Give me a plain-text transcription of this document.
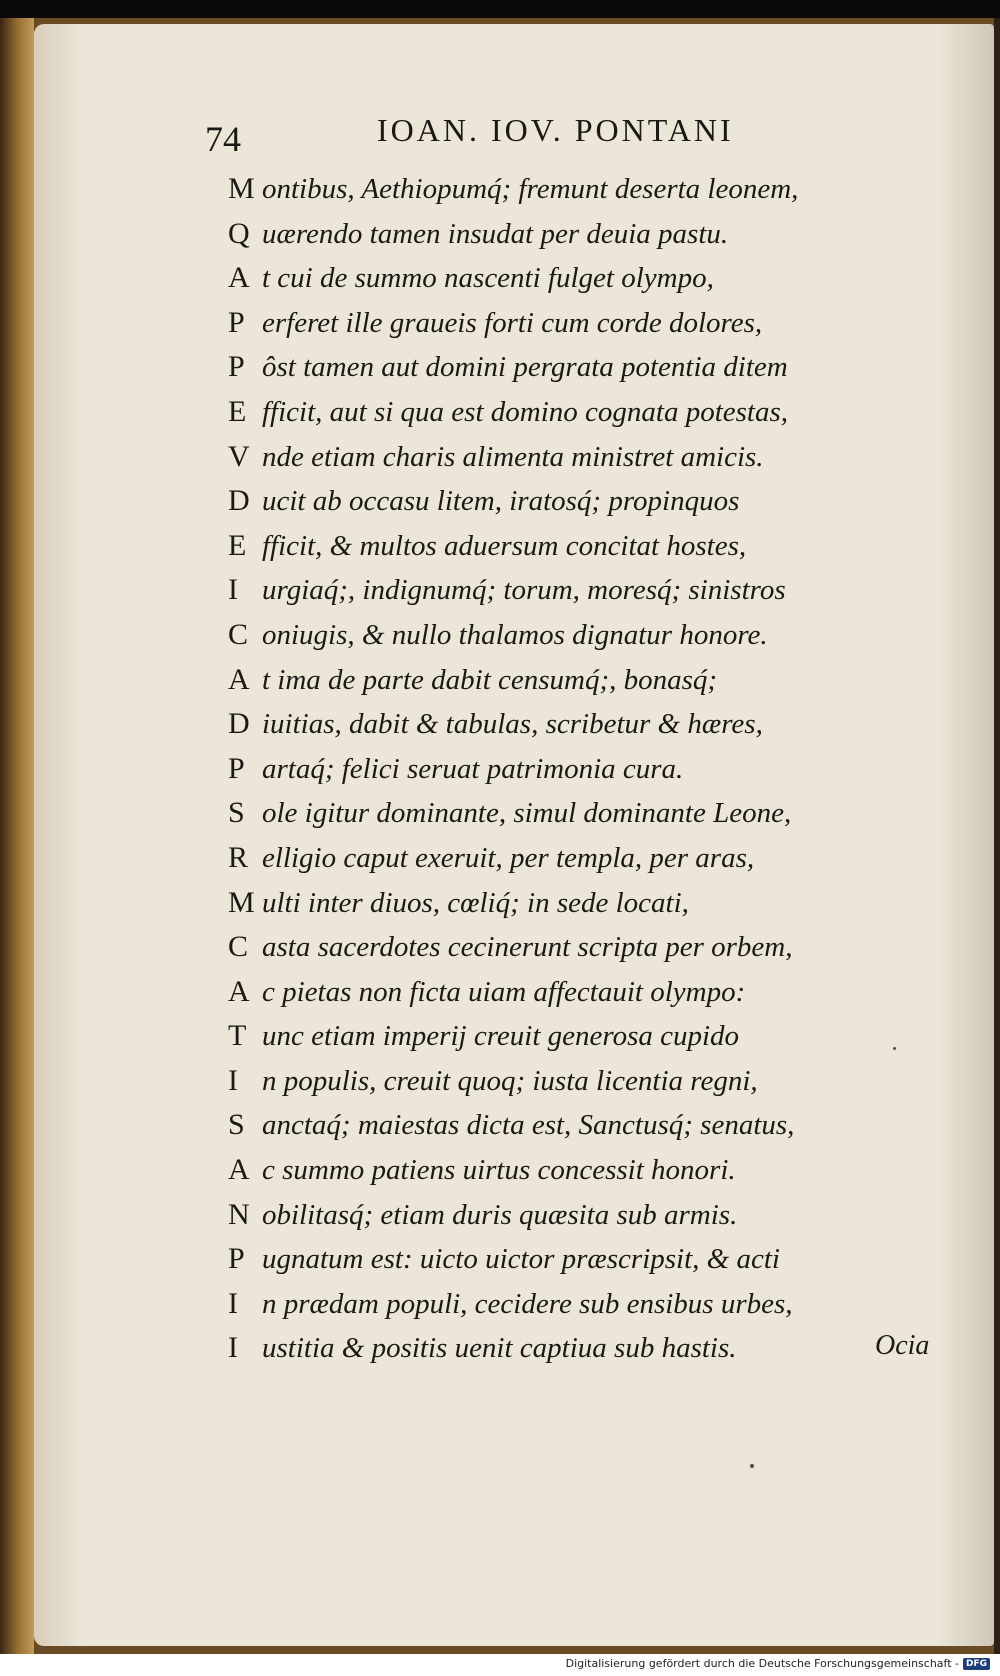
74	IOAN. IOV. PONTANI
M ontibus, Aethiopumq́; fremunt deserta leonem,
Q uærendo tamen insudat per deuia pastu.
A t cui de summo nascenti fulget olympo,
P erferet ille graueis forti cum corde dolores,
P ôst tamen aut domini pergrata potentia ditem
E fficit, aut si qua est domino cognata potestas,
V nde etiam charis alimenta ministret amicis.
D ucit ab occasu litem, iratosq́; propinquos
E fficit, & multos aduersum concitat hostes,
I urgiaq́;, indignumq́; torum, moresq́; sinistros
C oniugis, & nullo thalamos dignatur honore.
A t ima de parte dabit censumq́;, bonasq́;
D iuitias, dabit & tabulas, scribetur & hæres,
P artaq́; felici seruat patrimonia cura.
S ole igitur dominante, simul dominante Leone,
R elligio caput exeruit, per templa, per aras,
M ulti inter diuos, cœliq́; in sede locati,
C asta sacerdotes cecinerunt scripta per orbem,
A c pietas non ficta uiam affectauit olympo:
T unc etiam imperij creuit generosa cupido
I n populis, creuit quoq; iusta licentia regni,
S anctaq́; maiestas dicta est, Sanctusq́; senatus,
A c summo patiens uirtus concessit honori.
N obilitasq́; etiam duris quæsita sub armis.
P ugnatum est: uicto uictor præscripsit, & acti
I n prædam populi, cecidere sub ensibus urbes,
I ustitia & positis uenit captiua sub hastis.	Ocia
Digitalisierung gefördert durch die Deutsche Forschungsgemeinschaft - DFG
